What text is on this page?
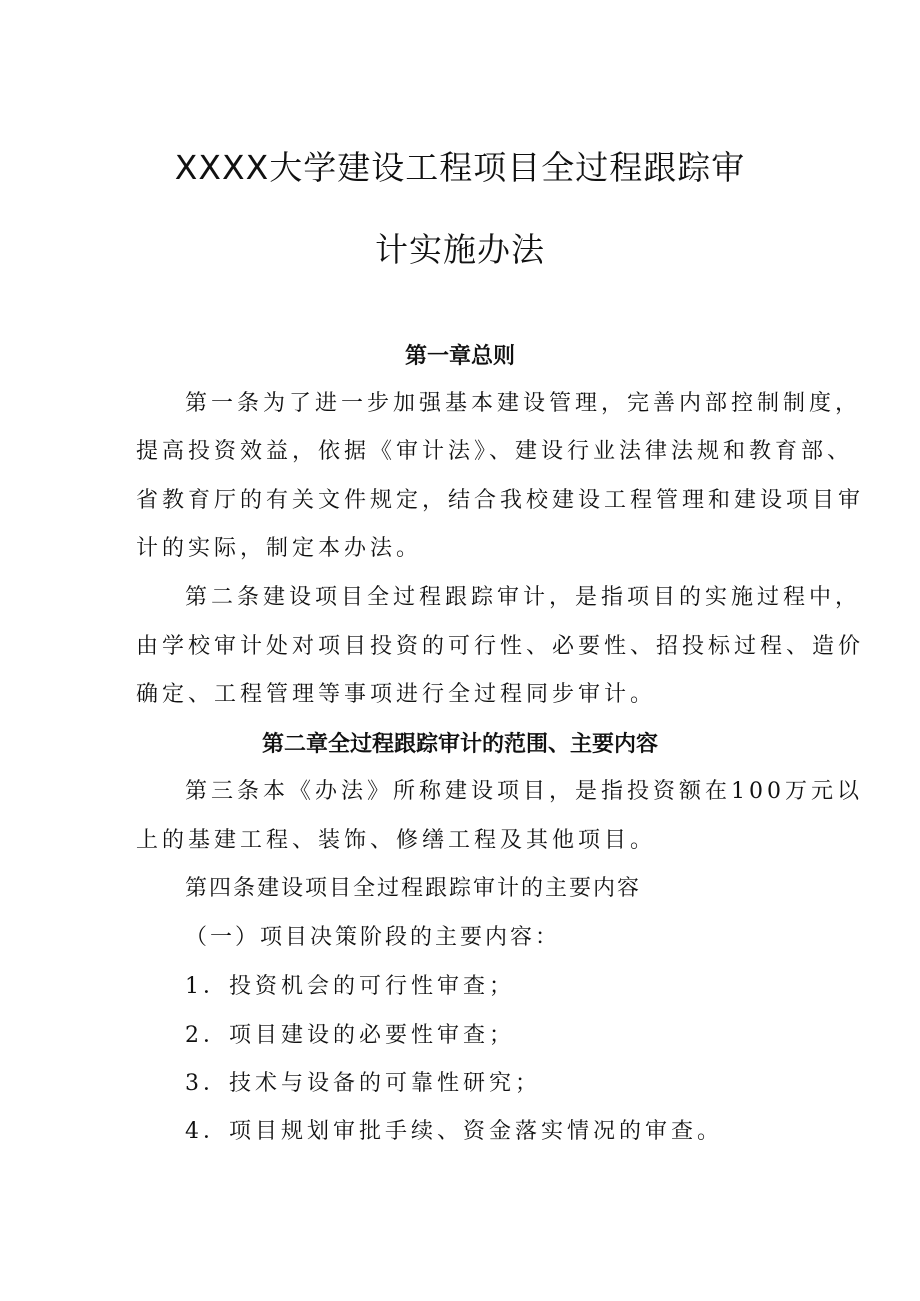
XXXX大学建设工程项目全过程跟踪审
计实施办法
第一章总则

第一条为了进一步加强基本建设管理，完善内部控制制度，

提高投资效益，依据《审计法》、建设行业法律法规和教育部、

省教育厅的有关文件规定，结合我校建设工程管理和建设项目审

计的实际，制定本办法。

第二条建设项目全过程跟踪审计，是指项目的实施过程中，

由学校审计处对项目投资的可行性、必要性、招投标过程、造价

确定、工程管理等事项进行全过程同步审计。

第二章全过程跟踪审计的范围、主要内容

第三条本《办法》所称建设项目，是指投资额在100万元以

上的基建工程、装饰、修缮工程及其他项目。

第四条建设项目全过程跟踪审计的主要内容

（一）项目决策阶段的主要内容：

1．投资机会的可行性审查；

2．项目建设的必要性审查；

3．技术与设备的可靠性研究；

4．项目规划审批手续、资金落实情况的审查。
